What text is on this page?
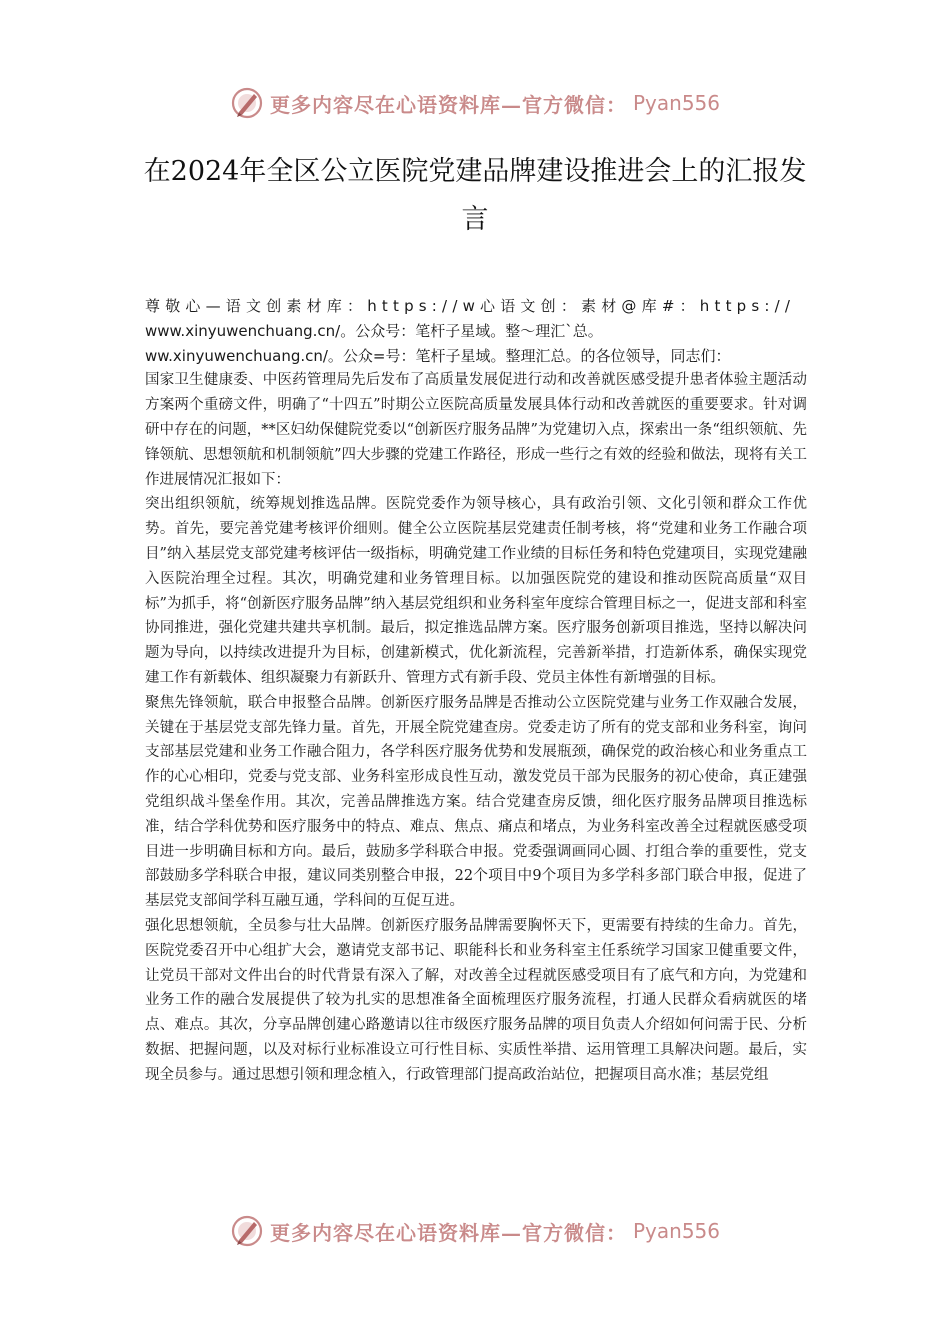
更多内容尽在心语资料库—官方微信： Pyan556
在2024年全区公立医院党建品牌建设推进会上的汇报发言

尊敬心—语文创素材库：https://w心语文创：素材@库#：https://

www.xinyuwenchuang.cn/。公众号：笔杆子星域。整～理汇`总。

ww.xinyuwenchuang.cn/。公众=号：笔杆子星域。整理汇总。的各位领导，同志们：

国家卫生健康委、中医药管理局先后发布了高质量发展促进行动和改善就医感受提升患者体验主题活动方案两个重磅文件，明确了“十四五”时期公立医院高质量发展具体行动和改善就医的重要要求。针对调研中存在的问题，**区妇幼保健院党委以“创新医疗服务品牌”为党建切入点，探索出一条“组织领航、先锋领航、思想领航和机制领航”四大步骤的党建工作路径，形成一些行之有效的经验和做法，现将有关工作进展情况汇报如下：

突出组织领航，统筹规划推选品牌。医院党委作为领导核心，具有政治引领、文化引领和群众工作优势。首先，要完善党建考核评价细则。健全公立医院基层党建责任制考核，将“党建和业务工作融合项目”纳入基层党支部党建考核评估一级指标，明确党建工作业绩的目标任务和特色党建项目，实现党建融入医院治理全过程。其次，明确党建和业务管理目标。以加强医院党的建设和推动医院高质量“双目标”为抓手，将“创新医疗服务品牌”纳入基层党组织和业务科室年度综合管理目标之一，促进支部和科室协同推进，强化党建共建共享机制。最后，拟定推选品牌方案。医疗服务创新项目推选，坚持以解决问题为导向，以持续改进提升为目标，创建新模式，优化新流程，完善新举措，打造新体系，确保实现党建工作有新载体、组织凝聚力有新跃升、管理方式有新手段、党员主体性有新增强的目标。

聚焦先锋领航，联合申报整合品牌。创新医疗服务品牌是否推动公立医院党建与业务工作双融合发展，关键在于基层党支部先锋力量。首先，开展全院党建查房。党委走访了所有的党支部和业务科室，询问支部基层党建和业务工作融合阻力，各学科医疗服务优势和发展瓶颈，确保党的政治核心和业务重点工作的心心相印，党委与党支部、业务科室形成良性互动，激发党员干部为民服务的初心使命，真正建强党组织战斗堡垒作用。其次，完善品牌推选方案。结合党建查房反馈，细化医疗服务品牌项目推选标准，结合学科优势和医疗服务中的特点、难点、焦点、痛点和堵点，为业务科室改善全过程就医感受项目进一步明确目标和方向。最后，鼓励多学科联合申报。党委强调画同心圆、打组合拳的重要性，党支部鼓励多学科联合申报，建议同类别整合申报，22个项目中9个项目为多学科多部门联合申报，促进了基层党支部间学科互融互通，学科间的互促互进。

强化思想领航，全员参与壮大品牌。创新医疗服务品牌需要胸怀天下，更需要有持续的生命力。首先，医院党委召开中心组扩大会，邀请党支部书记、职能科长和业务科室主任系统学习国家卫健重要文件，让党员干部对文件出台的时代背景有深入了解，对改善全过程就医感受项目有了底气和方向，为党建和业务工作的融合发展提供了较为扎实的思想准备全面梳理医疗服务流程，打通人民群众看病就医的堵点、难点。其次，分享品牌创建心路邀请以往市级医疗服务品牌的项目负责人介绍如何问需于民、分析数据、把握问题，以及对标行业标准设立可行性目标、实质性举措、运用管理工具解决问题。最后，实现全员参与。通过思想引领和理念植入，行政管理部门提高政治站位，把握项目高水准；基层党组

更多内容尽在心语资料库—官方微信： Pyan556
